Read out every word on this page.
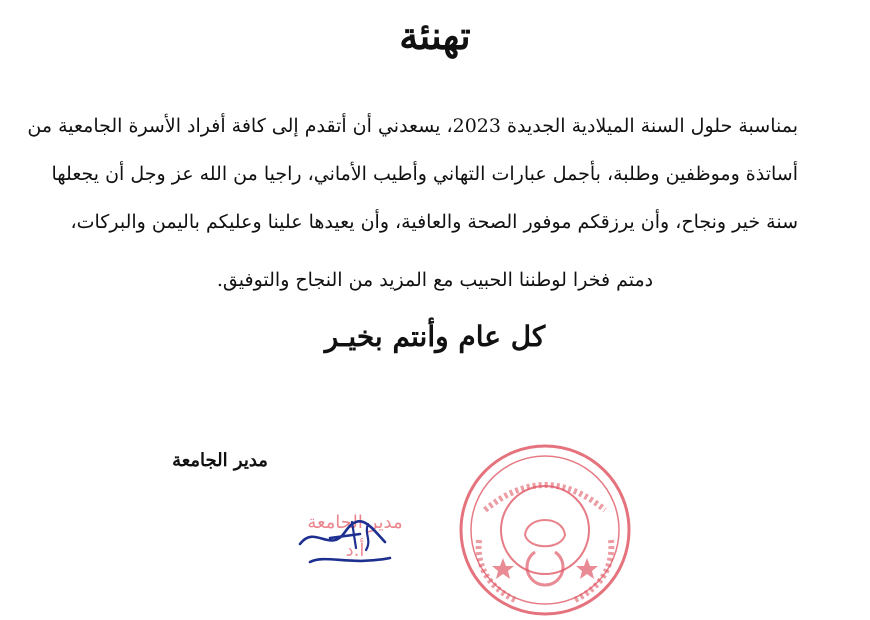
تهنئة
بمناسبة حلول السنة الميلادية الجديدة 2023، يسعدني أن أتقدم إلى كافة أفراد الأسرة الجامعية من
أساتذة وموظفين وطلبة، بأجمل عبارات التهاني وأطيب الأماني، راجيا من الله عز وجل أن يجعلها
سنة خير ونجاح، وأن يرزقكم موفور الصحة والعافية، وأن يعيدها علينا وعليكم باليمن والبركات،
دمتم فخرا لوطننا الحبيب مع المزيد من النجاح والتوفيق.
كل عام وأنتم بخيـر
مدير الجامعة
مدير الجامعة
أ.د
